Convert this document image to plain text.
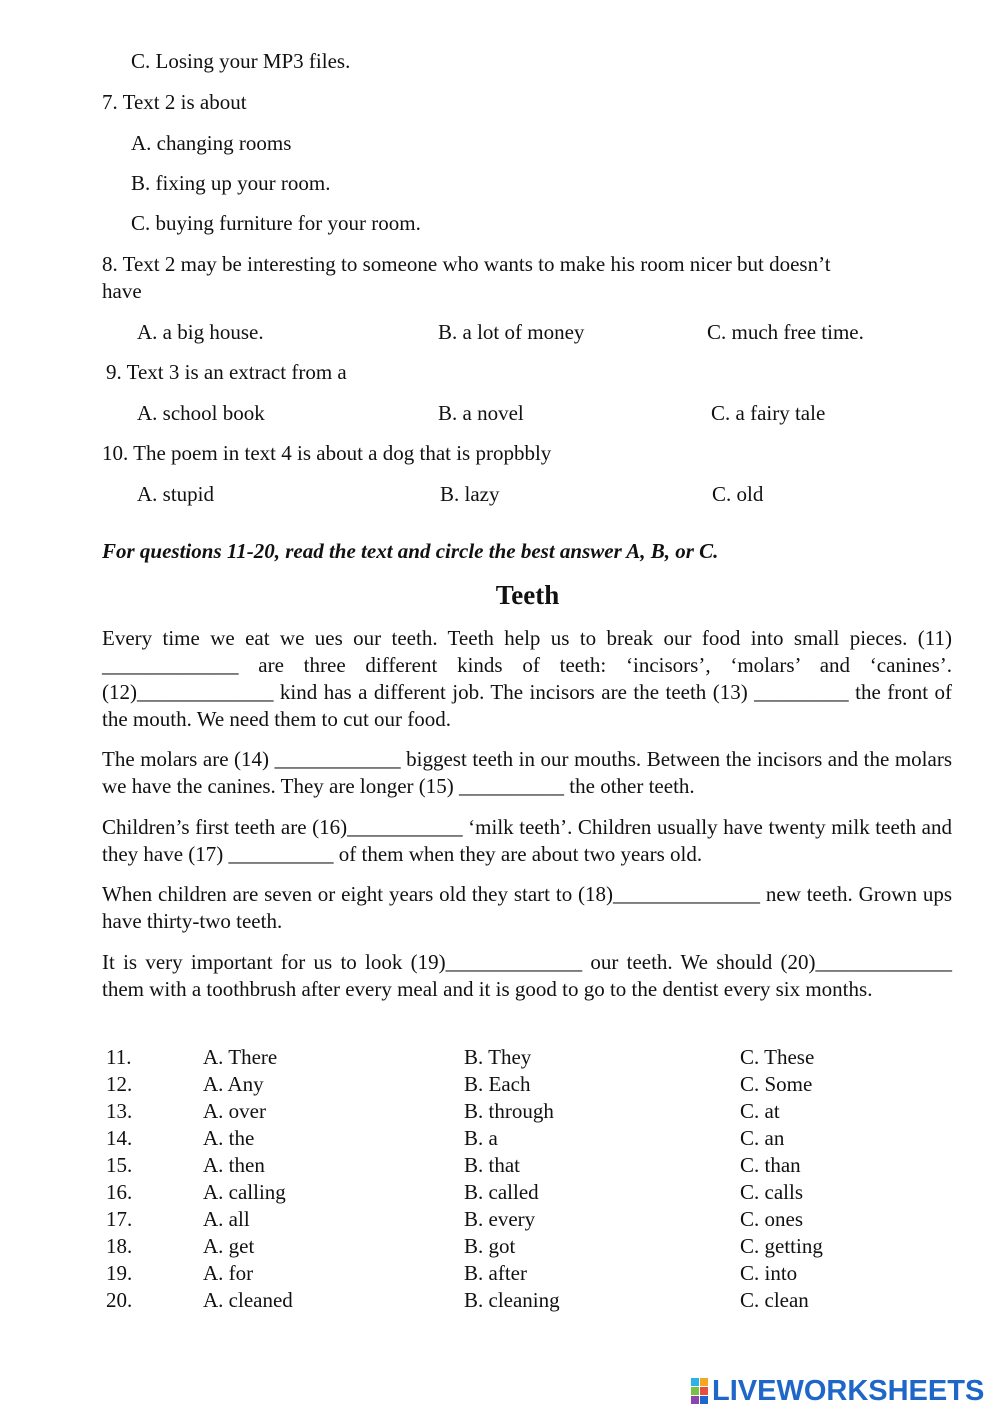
C. Losing your MP3 files.
7. Text 2 is about
A. changing rooms
B. fixing up your room.
C. buying furniture for your room.
8. Text 2 may be interesting to someone who wants to make his room nicer but doesn’t
have
A. a big house.	B. a lot of money	C. much free time.
9. Text 3 is an extract from a
A. school book	B. a novel	C. a fairy tale
10. The poem in text 4 is about a dog that is propbbly
A. stupid	B. lazy	C. old
For questions 11-20, read the text and circle the best answer A, B, or C.
Teeth

Every time we eat we ues our teeth. Teeth help us to break our food into small pieces. (11) _____________ are three different kinds of teeth: ‘incisors’, ‘molars’ and ‘canines’. (12)_____________ kind has a different job. The incisors are the teeth (13) _________ the front of the mouth. We need them to cut our food.

The molars are (14) ____________ biggest teeth in our mouths. Between the incisors and the molars we have the canines. They are longer (15) __________ the other teeth.

Children’s first teeth are (16)___________ ‘milk teeth’. Children usually have twenty milk teeth and they have (17) __________ of them when they are about two years old.

When children are seven or eight years old they start to (18)______________ new teeth. Grown ups have thirty-two teeth.

It is very important for us to look (19)_____________ our teeth. We should (20)_____________ them with a toothbrush after every meal and it is good to go to the dentist every six months.

11.	A. There	B. They	C. These
12.	A. Any	B. Each	C. Some
13.	A. over	B. through	C. at
14.	A. the	B. a	C. an
15.	A. then	B. that	C. than
16.	A. calling	B. called	C. calls
17.	A. all	B. every	C. ones
18.	A. get	B. got	C. getting
19.	A. for	B. after	C. into
20.	A. cleaned	B. cleaning	C. clean
LIVEWORKSHEETS
